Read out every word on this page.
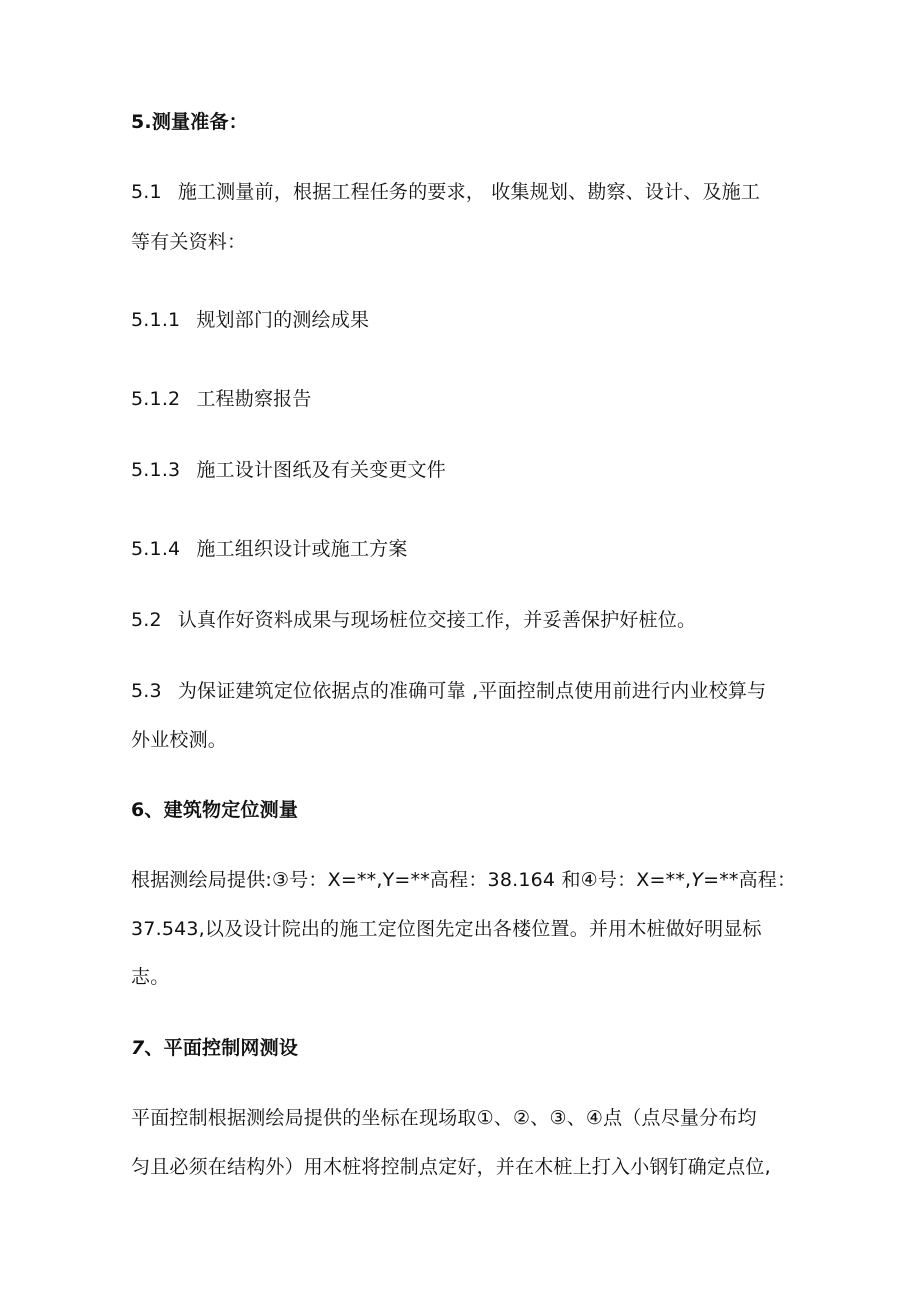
5.测量准备：
5.1 施工测量前，根据工程任务的要求， 收集规划、勘察、设计、及施工
等有关资料：
5.1.1 规划部门的测绘成果
5.1.2 工程勘察报告
5.1.3 施工设计图纸及有关变更文件
5.1.4 施工组织设计或施工方案
5.2 认真作好资料成果与现场桩位交接工作，并妥善保护好桩位。
5.3 为保证建筑定位依据点的准确可靠 ,平面控制点使用前进行内业校算与
外业校测。
6、建筑物定位测量
根据测绘局提供:③号：X=**,Y=**高程：38.164 和④号：X=**,Y=**高程：
37.543,以及设计院出的施工定位图先定出各楼位置。并用木桩做好明显标
志。
7、平面控制网测设
平面控制根据测绘局提供的坐标在现场取①、②、③、④点（点尽量分布均
匀且必须在结构外）用木桩将控制点定好，并在木桩上打入小钢钉确定点位,
